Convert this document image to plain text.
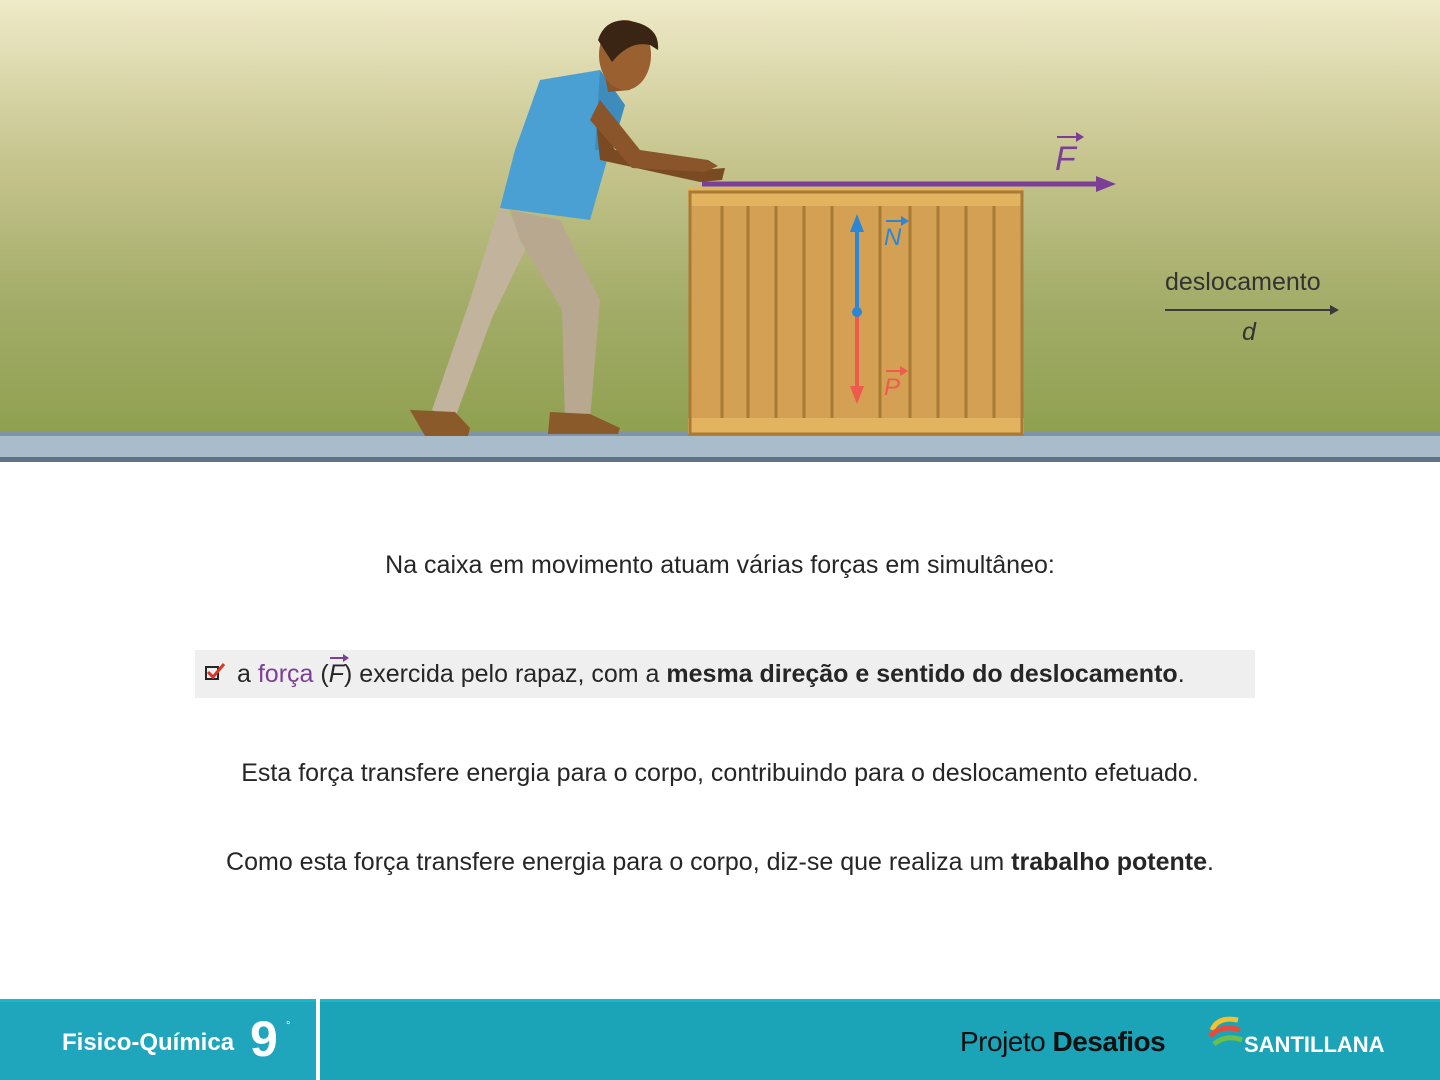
F
N
P
deslocamento
d
Na caixa em movimento atuam várias forças em simultâneo:
a força (
F) exercida pelo rapaz, com a mesma direção e sentido do deslocamento.
Esta força transfere energia para o corpo, contribuindo para o deslocamento efetuado.
Como esta força transfere energia para o corpo, diz-se que realiza um trabalho potente.
Fisico-Química 9 °	Projeto Desafios	SANTILLANA
